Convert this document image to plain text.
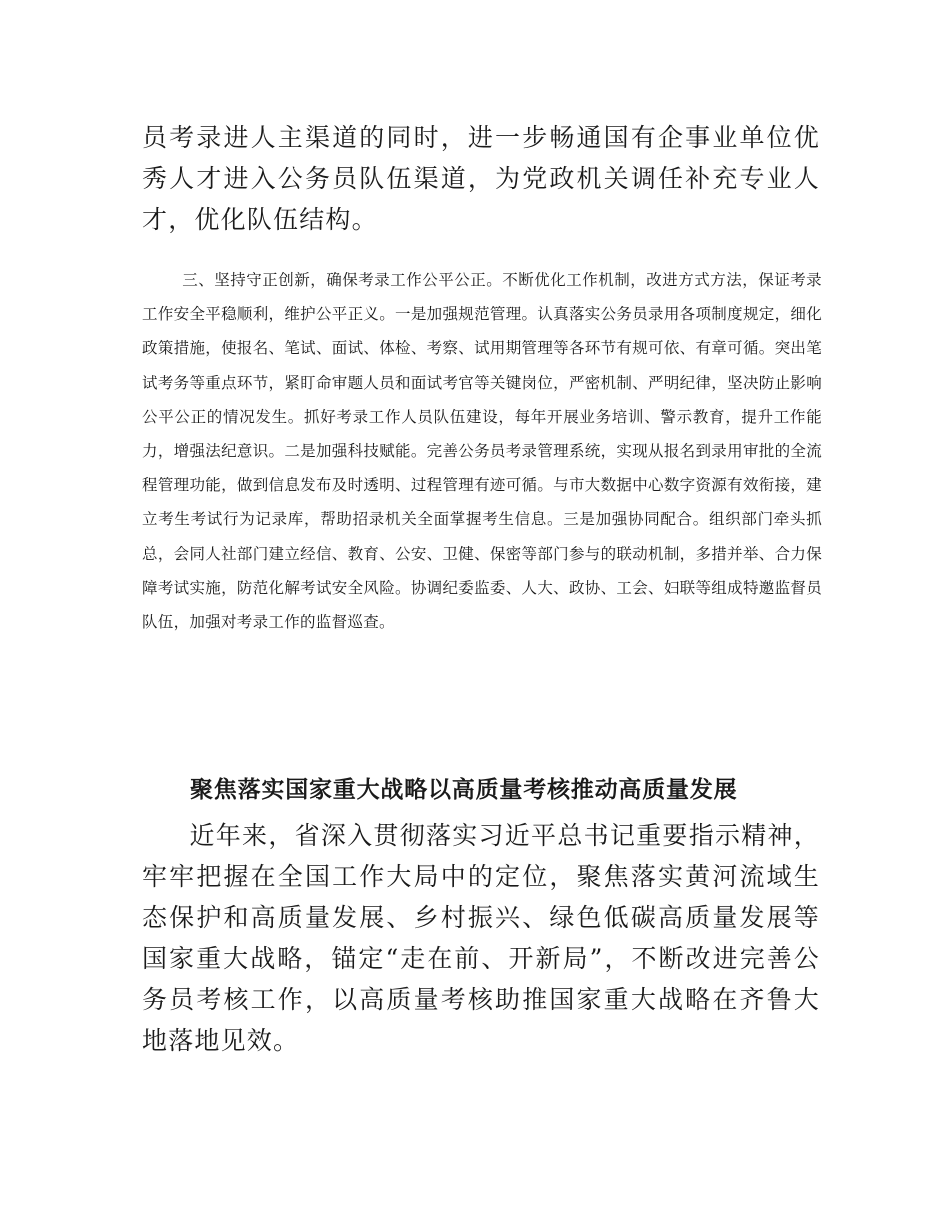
员考录进人主渠道的同时，进一步畅通国有企事业单位优秀人才进入公务员队伍渠道，为党政机关调任补充专业人才，优化队伍结构。

三、坚持守正创新，确保考录工作公平公正。不断优化工作机制，改进方式方法，保证考录工作安全平稳顺利，维护公平正义。一是加强规范管理。认真落实公务员录用各项制度规定，细化政策措施，使报名、笔试、面试、体检、考察、试用期管理等各环节有规可依、有章可循。突出笔试考务等重点环节，紧盯命审题人员和面试考官等关键岗位，严密机制、严明纪律，坚决防止影响公平公正的情况发生。抓好考录工作人员队伍建设，每年开展业务培训、警示教育，提升工作能力，增强法纪意识。二是加强科技赋能。完善公务员考录管理系统，实现从报名到录用审批的全流程管理功能，做到信息发布及时透明、过程管理有迹可循。与市大数据中心数字资源有效衔接，建立考生考试行为记录库，帮助招录机关全面掌握考生信息。三是加强协同配合。组织部门牵头抓总，会同人社部门建立经信、教育、公安、卫健、保密等部门参与的联动机制，多措并举、合力保障考试实施，防范化解考试安全风险。协调纪委监委、人大、政协、工会、妇联等组成特邀监督员队伍，加强对考录工作的监督巡查。

聚焦落实国家重大战略以高质量考核推动高质量发展

近年来，省深入贯彻落实习近平总书记重要指示精神，牢牢把握在全国工作大局中的定位，聚焦落实黄河流域生态保护和高质量发展、乡村振兴、绿色低碳高质量发展等国家重大战略，锚定“走在前、开新局”，不断改进完善公务员考核工作，以高质量考核助推国家重大战略在齐鲁大地落地见效。
